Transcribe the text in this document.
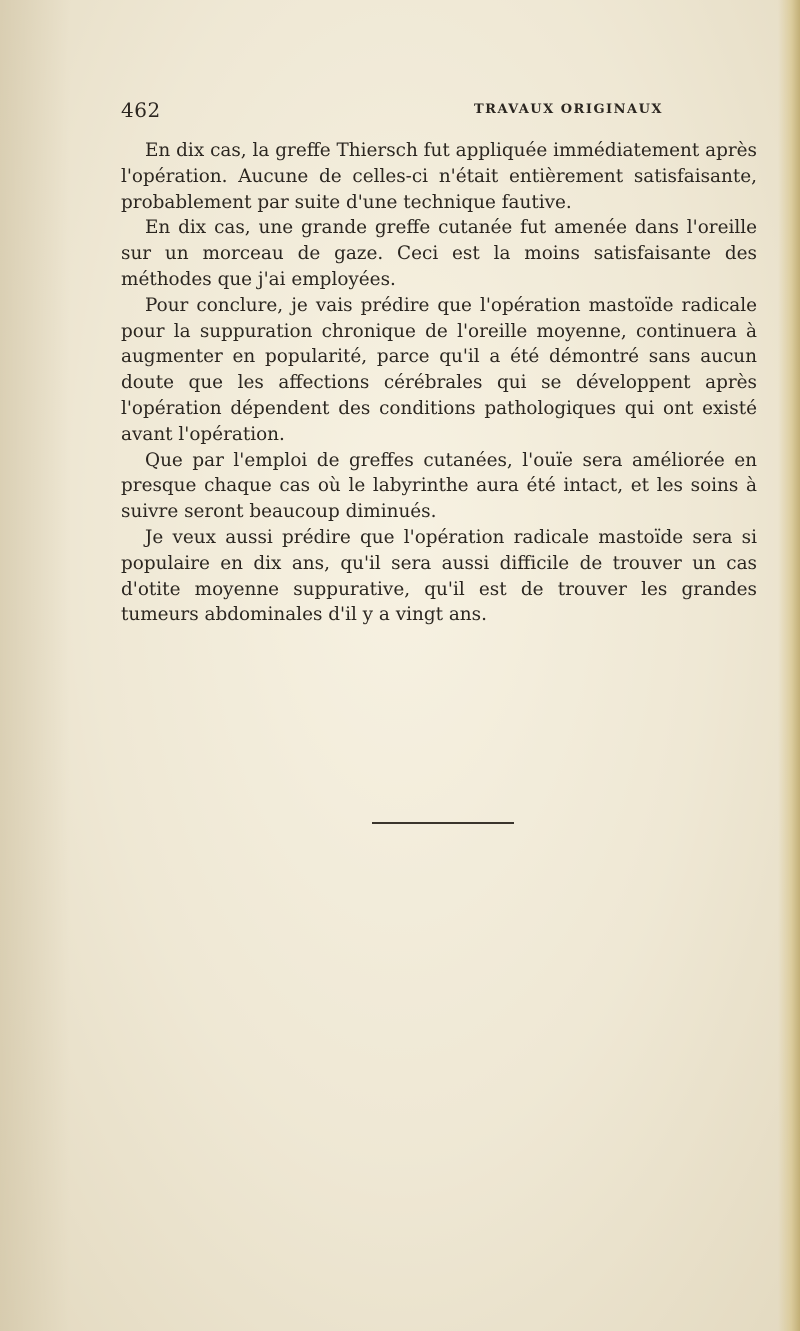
462	TRAVAUX ORIGINAUX

En dix cas, la greffe Thiersch fut appliquée immédiatement après l'opération. Aucune de celles-ci n'était entièrement satisfaisante, probablement par suite d'une technique fautive.

En dix cas, une grande greffe cutanée fut amenée dans l'oreille sur un morceau de gaze. Ceci est la moins satisfaisante des méthodes que j'ai employées.

Pour conclure, je vais prédire que l'opération mastoïde radicale pour la suppuration chronique de l'oreille moyenne, continuera à augmenter en popularité, parce qu'il a été démontré sans aucun doute que les affections cérébrales qui se développent après l'opération dépendent des conditions pathologiques qui ont existé avant l'opération.

Que par l'emploi de greffes cutanées, l'ouïe sera améliorée en presque chaque cas où le labyrinthe aura été intact, et les soins à suivre seront beaucoup diminués.

Je veux aussi prédire que l'opération radicale mastoïde sera si populaire en dix ans, qu'il sera aussi difficile de trouver un cas d'otite moyenne suppurative, qu'il est de trouver les grandes tumeurs abdominales d'il y a vingt ans.
